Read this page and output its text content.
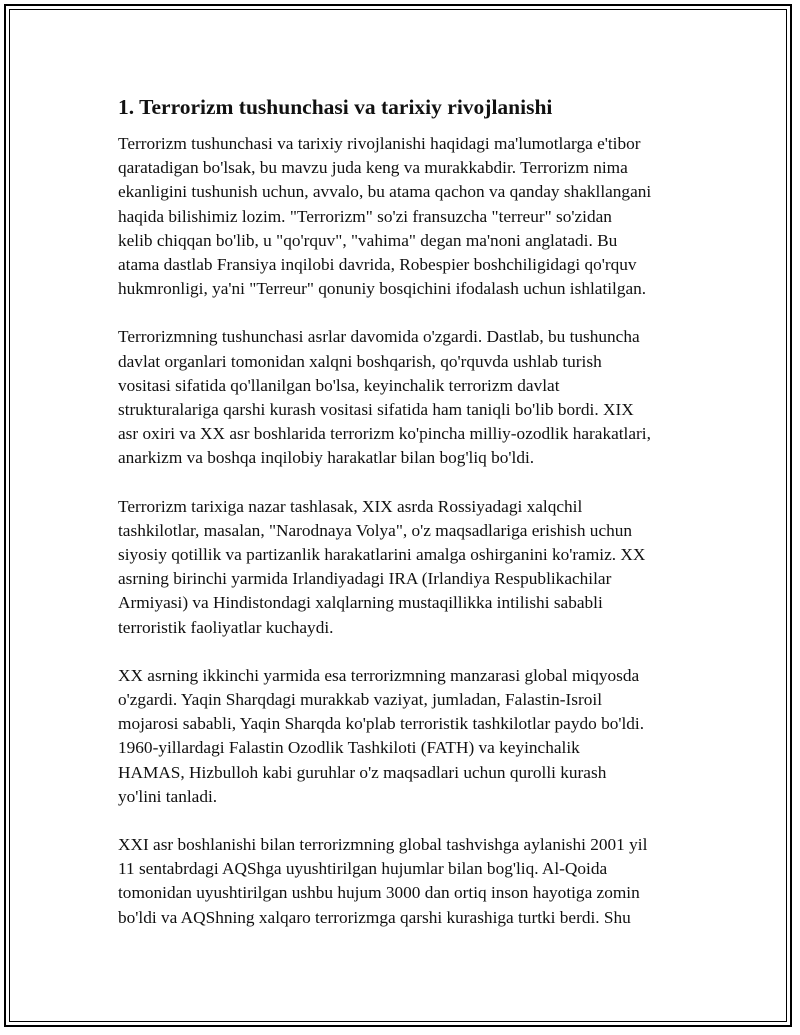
1. Terrorizm tushunchasi va tarixiy rivojlanishi
Terrorizm tushunchasi va tarixiy rivojlanishi haqidagi ma'lumotlarga e'tibor
qaratadigan bo'lsak, bu mavzu juda keng va murakkabdir. Terrorizm nima
ekanligini tushunish uchun, avvalo, bu atama qachon va qanday shakllangani
haqida bilishimiz lozim. "Terrorizm" so'zi fransuzcha "terreur" so'zidan
kelib chiqqan bo'lib, u "qo'rquv", "vahima" degan ma'noni anglatadi. Bu
atama dastlab Fransiya inqilobi davrida, Robespier boshchiligidagi qo'rquv
hukmronligi, ya'ni "Terreur" qonuniy bosqichini ifodalash uchun ishlatilgan.
Terrorizmning tushunchasi asrlar davomida o'zgardi. Dastlab, bu tushuncha
davlat organlari tomonidan xalqni boshqarish, qo'rquvda ushlab turish
vositasi sifatida qo'llanilgan bo'lsa, keyinchalik terrorizm davlat
strukturalariga qarshi kurash vositasi sifatida ham taniqli bo'lib bordi. XIX
asr oxiri va XX asr boshlarida terrorizm ko'pincha milliy-ozodlik harakatlari,
anarkizm va boshqa inqilobiy harakatlar bilan bog'liq bo'ldi.
Terrorizm tarixiga nazar tashlasak, XIX asrda Rossiyadagi xalqchil
tashkilotlar, masalan, "Narodnaya Volya", o'z maqsadlariga erishish uchun
siyosiy qotillik va partizanlik harakatlarini amalga oshirganini ko'ramiz. XX
asrning birinchi yarmida Irlandiyadagi IRA (Irlandiya Respublikachilar
Armiyasi) va Hindistondagi xalqlarning mustaqillikka intilishi sababli
terroristik faoliyatlar kuchaydi.
XX asrning ikkinchi yarmida esa terrorizmning manzarasi global miqyosda
o'zgardi. Yaqin Sharqdagi murakkab vaziyat, jumladan, Falastin-Isroil
mojarosi sababli, Yaqin Sharqda ko'plab terroristik tashkilotlar paydo bo'ldi.
1960-yillardagi Falastin Ozodlik Tashkiloti (FATH) va keyinchalik
HAMAS, Hizbulloh kabi guruhlar o'z maqsadlari uchun qurolli kurash
yo'lini tanladi.
XXI asr boshlanishi bilan terrorizmning global tashvishga aylanishi 2001 yil
11 sentabrdagi AQShga uyushtirilgan hujumlar bilan bog'liq. Al-Qoida
tomonidan uyushtirilgan ushbu hujum 3000 dan ortiq inson hayotiga zomin
bo'ldi va AQShning xalqaro terrorizmga qarshi kurashiga turtki berdi. Shu
